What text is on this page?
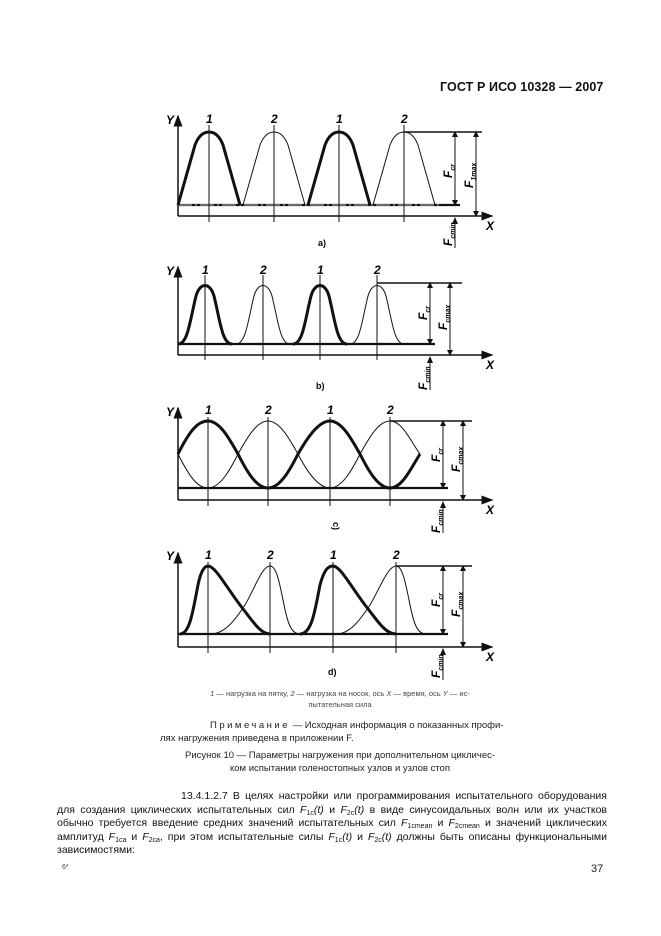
ГОСТ Р ИСО 10328 — 2007
Y
X
1	2	1	2
a)
$F_{cr}$
$F_{1max}$
$F_{cmin}$
Y
X
1	2	1	2
b)
$F_{cr}$
$F_{cmax}$
$F_{cmin}$
Y
X
1	2	1	2
c)
$F_{cr}$
$F_{cmax}$
$F_{cmin}$
Y
X
1	2	1	2
d)
$F_{cr}$
$F_{cmax}$
$F_{cmin}$
1 — нагрузка на пятку, 2 — нагрузка на носок, ось X — время, ось Y — ис-
пытательная сила
Примечание — Исходная информация о показанных профи-
лях нагружения приведена в приложении F.
Рисунок 10 — Параметры нагружения при дополнительном цикличес-
ком испытании голеностопных узлов и узлов стоп
13.4.1.2.7 В целях настройки или программирования испытательного оборудования для создания циклических испытательных сил $F_{1c}(t)$ и $F_{2c}(t)$ в виде синусоидальных волн или их участков обычно требуется введение средних значений испытательных сил $F_{1cmean}$ и $F_{2cmean}$ и значений циклических амплитуд $F_{1ca}$ и $F_{2ca}$, при этом испытательные силы $F_{1c}(t)$ и $F_{2c}(t)$ должны быть описаны функциональными зависимостями:
6*	37
